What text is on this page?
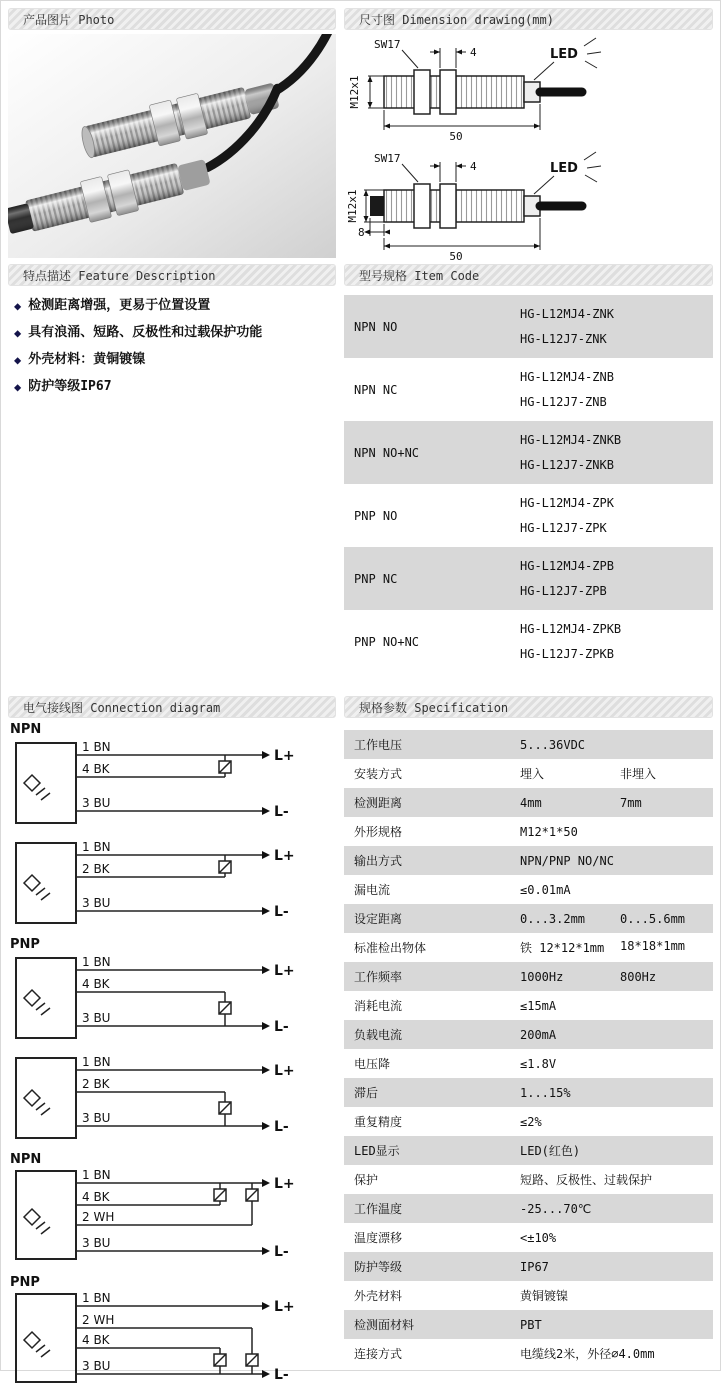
产品图片 Photo	尺寸图 Dimension drawing(mm)
特点描述 Feature Description	型号规格 Item Code
电气接线图 Connection diagram	规格参数 Specification
LED
SW17
4
M12x1
50
LED
SW17
4
M12x1
8
50
◆ 检测距离增强，更易于位置设置
◆ 具有浪涌、短路、反极性和过载保护功能
◆ 外壳材料：黄铜镀镍
◆ 防护等级IP67
NPN NO
HG-L12MJ4-ZNK
HG-L12J7-ZNK
NPN NC
HG-L12MJ4-ZNB
HG-L12J7-ZNB
NPN NO+NC
HG-L12MJ4-ZNKB
HG-L12J7-ZNKB
PNP NO
HG-L12MJ4-ZPK
HG-L12J7-ZPK
PNP NC
HG-L12MJ4-ZPB
HG-L12J7-ZPB
PNP NO+NC
HG-L12MJ4-ZPKB
HG-L12J7-ZPKB
NPN
1 BN
4 BK
3 BU
L+
L-
1 BN
2 BK
3 BU
L+
L-
PNP
1 BN
4 BK
3 BU
L+
L-
1 BN
2 BK
3 BU
L+
L-
NPN
1 BN
4 BK
2 WH
3 BU
L+
L-
PNP
1 BN
2 WH
4 BK
3 BU
L+
L-
工作电压	5...36VDC
安装方式	埋入	非埋入
检测距离	4mm	7mm
外形规格	M12*1*50
输出方式	NPN/PNP NO/NC
漏电流	≤0.01mA
设定距离	0...3.2mm	0...5.6mm
标准检出物体	铁 12*12*1mm	18*18*1mm
工作频率	1000Hz	800Hz
消耗电流	≤15mA
负载电流	200mA
电压降	≤1.8V
滞后	1...15%
重复精度	≤2%
LED显示	LED(红色)
保护	短路、反极性、过载保护
工作温度	-25...70℃
温度漂移	<±10%
防护等级	IP67
外壳材料	黄铜镀镍
检测面材料	PBT
连接方式	电缆线2米，外径∅4.0mm
